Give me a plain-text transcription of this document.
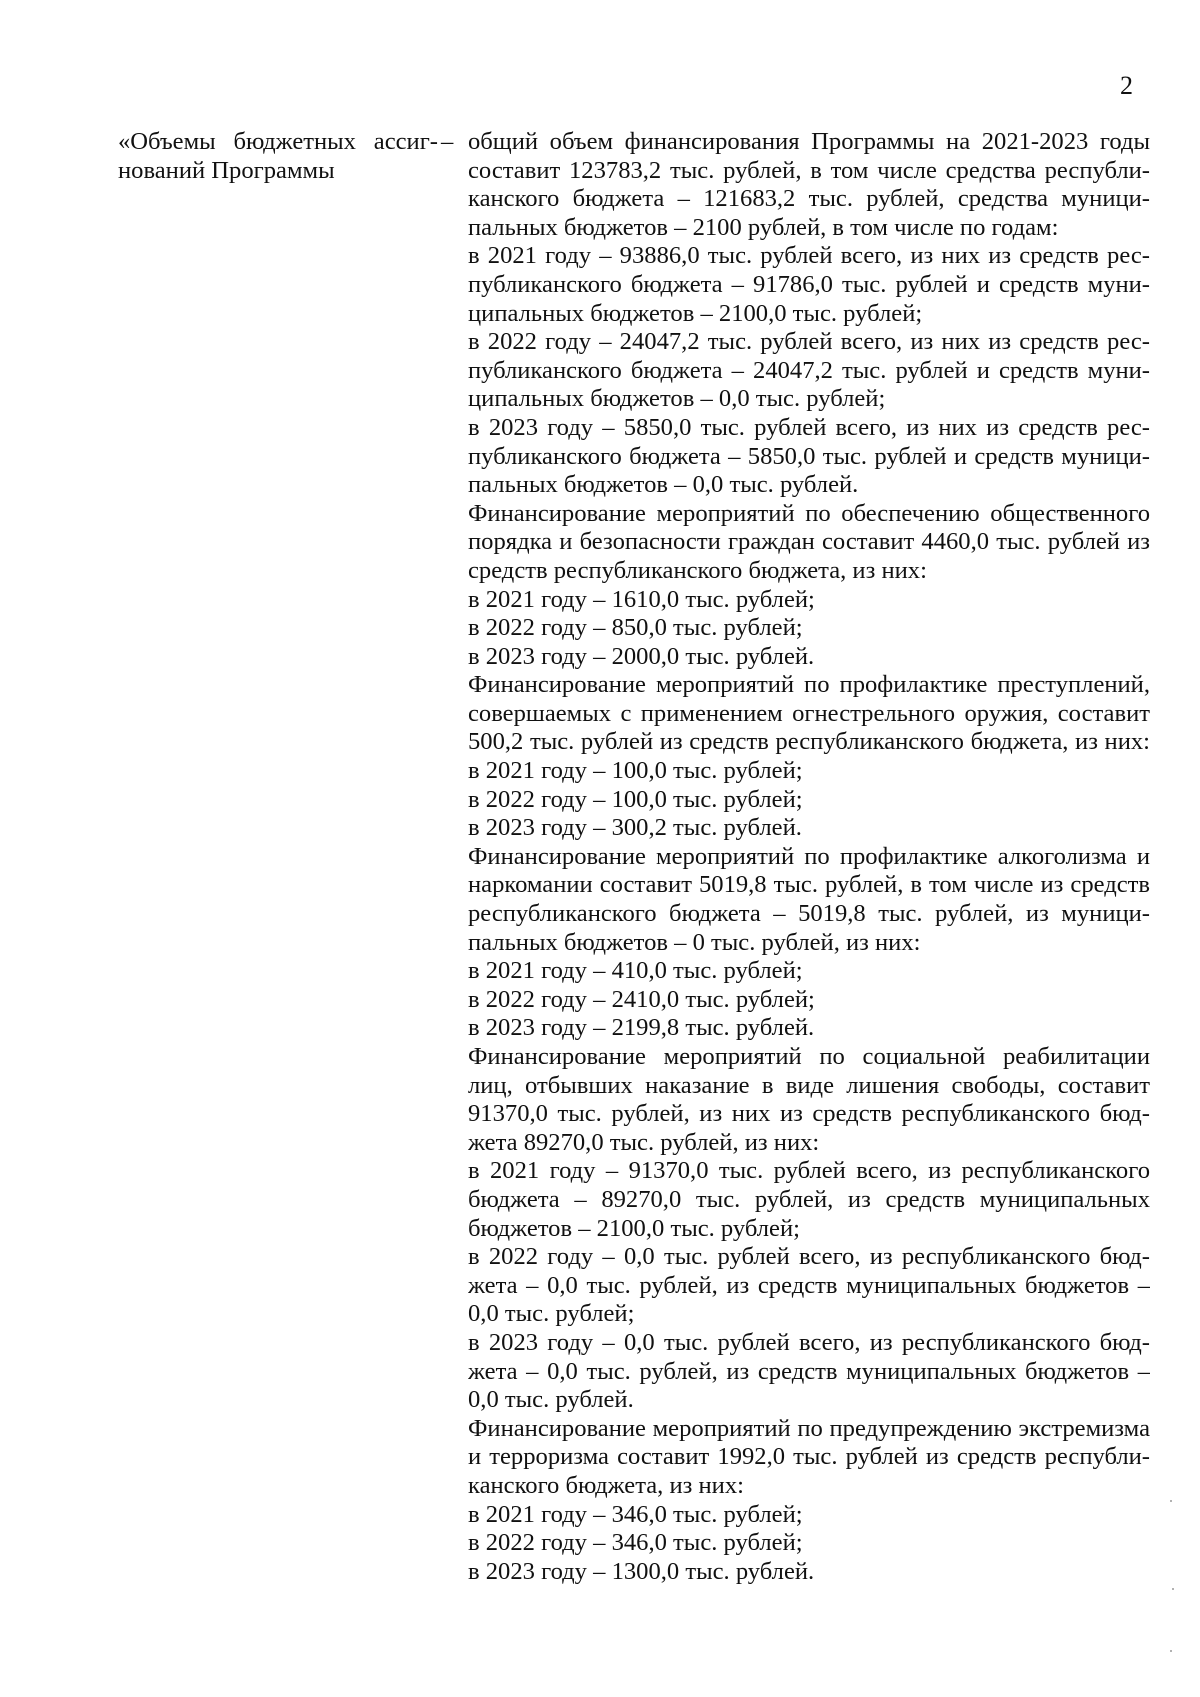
2
«Объемы бюджетных ассиг-
нований Программы
– общий объем финансирования Программы на 2021-2023 годы
составит 123783,2 тыс. рублей, в том числе средства республи-
канского бюджета – 121683,2 тыс. рублей, средства муници-
пальных бюджетов – 2100 рублей, в том числе по годам:
в 2021 году – 93886,0 тыс. рублей всего, из них из средств рес-
публиканского бюджета – 91786,0 тыс. рублей и средств муни-
ципальных бюджетов – 2100,0 тыс. рублей;
в 2022 году – 24047,2 тыс. рублей всего, из них из средств рес-
публиканского бюджета – 24047,2 тыс. рублей и средств муни-
ципальных бюджетов – 0,0 тыс. рублей;
в 2023 году – 5850,0 тыс. рублей всего, из них из средств рес-
публиканского бюджета – 5850,0 тыс. рублей и средств муници-
пальных бюджетов – 0,0 тыс. рублей.
Финансирование мероприятий по обеспечению общественного
порядка и безопасности граждан составит 4460,0 тыс. рублей из
средств республиканского бюджета, из них:
в 2021 году – 1610,0 тыс. рублей;
в 2022 году – 850,0 тыс. рублей;
в 2023 году – 2000,0 тыс. рублей.
Финансирование мероприятий по профилактике преступлений,
совершаемых с применением огнестрельного оружия, составит
500,2 тыс. рублей из средств республиканского бюджета, из них:
в 2021 году – 100,0 тыс. рублей;
в 2022 году – 100,0 тыс. рублей;
в 2023 году – 300,2 тыс. рублей.
Финансирование мероприятий по профилактике алкоголизма и
наркомании составит 5019,8 тыс. рублей, в том числе из средств
республиканского бюджета – 5019,8 тыс. рублей, из муници-
пальных бюджетов – 0 тыс. рублей, из них:
в 2021 году – 410,0 тыс. рублей;
в 2022 году – 2410,0 тыс. рублей;
в 2023 году – 2199,8 тыс. рублей.
Финансирование мероприятий по социальной реабилитации
лиц, отбывших наказание в виде лишения свободы, составит
91370,0 тыс. рублей, из них из средств республиканского бюд-
жета 89270,0 тыс. рублей, из них:
в 2021 году – 91370,0 тыс. рублей всего, из республиканского
бюджета – 89270,0 тыс. рублей, из средств муниципальных
бюджетов – 2100,0 тыс. рублей;
в 2022 году – 0,0 тыс. рублей всего, из республиканского бюд-
жета – 0,0 тыс. рублей, из средств муниципальных бюджетов –
0,0 тыс. рублей;
в 2023 году – 0,0 тыс. рублей всего, из республиканского бюд-
жета – 0,0 тыс. рублей, из средств муниципальных бюджетов –
0,0 тыс. рублей.
Финансирование мероприятий по предупреждению экстремизма
и терроризма составит 1992,0 тыс. рублей из средств республи-
канского бюджета, из них:
в 2021 году – 346,0 тыс. рублей;
в 2022 году – 346,0 тыс. рублей;
в 2023 году – 1300,0 тыс. рублей.
